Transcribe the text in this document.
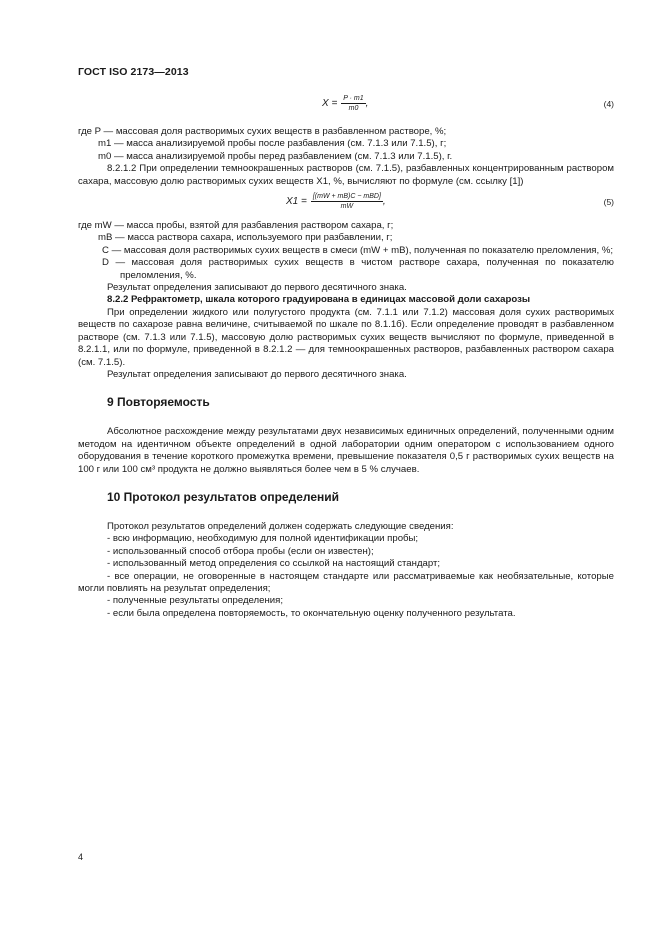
ГОСТ ISO 2173—2013
$X = \frac{P \cdot m1}{m0}$ ,	(4)

где P — массовая доля растворимых сухих веществ в разбавленном растворе, %;

m1 — масса анализируемой пробы после разбавления (см. 7.1.3 или 7.1.5), г;

m0 — масса анализируемой пробы перед разбавлением (см. 7.1.3 или 7.1.5), г.

8.2.1.2 При определении темноокрашенных растворов (см. 7.1.5), разбавленных концентрированным раствором сахара, массовую долю растворимых сухих веществ X1, %, вычисляют по формуле (см. ссылку [1])

$X1 = \frac{\text{[(mW + mB)C − mBD]}}{mW}$ ,	(5)

где mW — масса пробы, взятой для разбавления раствором сахара, г;

mB — масса раствора сахара, используемого при разбавлении, г;

C — массовая доля растворимых сухих веществ в смеси (mW + mB), полученная по показателю преломления, %;

D — массовая доля растворимых сухих веществ в чистом растворе сахара, полученная по показателю преломления, %.

Результат определения записывают до первого десятичного знака.

8.2.2 Рефрактометр, шкала которого градуирована в единицах массовой доли сахарозы

При определении жидкого или полугустого продукта (см. 7.1.1 или 7.1.2) массовая доля сухих растворимых веществ по сахарозе равна величине, считываемой по шкале по 8.1.1б). Если определение проводят в разбавленном растворе (см. 7.1.3 или 7.1.5), массовую долю растворимых сухих веществ вычисляют по формуле, приведенной в 8.2.1.1, или по формуле, приведенной в 8.2.1.2 — для темноокрашенных растворов, разбавленных раствором сахара (см. 7.1.5).

Результат определения записывают до первого десятичного знака.

9 Повторяемость

Абсолютное расхождение между результатами двух независимых единичных определений, полученными одним методом на идентичном объекте определений в одной лаборатории одним оператором с использованием одного оборудования в течение короткого промежутка времени, превышение показателя 0,5 г растворимых сухих веществ на 100 г или 100 см³ продукта не должно выявляться более чем в 5 % случаев.

10 Протокол результатов определений

Протокол результатов определений должен содержать следующие сведения:

- всю информацию, необходимую для полной идентификации пробы;

- использованный способ отбора пробы (если он известен);

- использованный метод определения со ссылкой на настоящий стандарт;

- все операции, не оговоренные в настоящем стандарте или рассматриваемые как необязательные, которые могли повлиять на результат определения;

- полученные результаты определения;

- если была определена повторяемость, то окончательную оценку полученного результата.

4
